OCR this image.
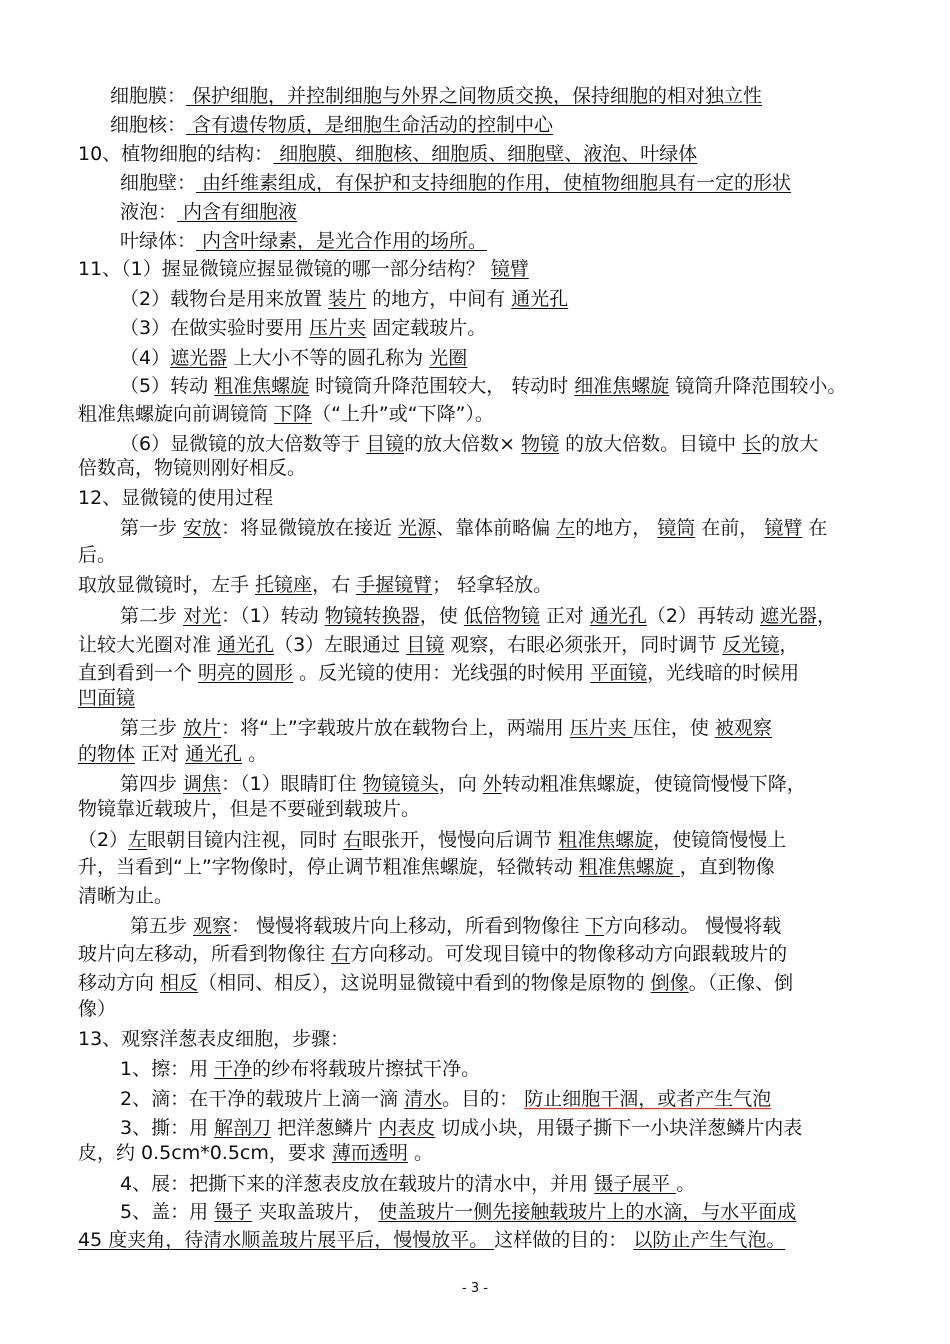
细胞膜： 保护细胞，并控制细胞与外界之间物质交换，保持细胞的相对独立性
细胞核： 含有遗传物质，是细胞生命活动的控制中心
10、植物细胞的结构： 细胞膜、细胞核、细胞质、细胞壁、液泡、叶绿体
细胞壁： 由纤维素组成，有保护和支持细胞的作用，使植物细胞具有一定的形状
液泡： 内含有细胞液
叶绿体： 内含叶绿素，是光合作用的场所。
11、（1）握显微镜应握显微镜的哪一部分结构？ 镜臂
（2）载物台是用来放置 装片 的地方，中间有 通光孔
（3）在做实验时要用 压片夹 固定载玻片。
（4）遮光器 上大小不等的圆孔称为 光圈
（5）转动 粗准焦螺旋 时镜筒升降范围较大， 转动时 细准焦螺旋 镜筒升降范围较小。
粗准焦螺旋向前调镜筒 下降（“上升”或“下降”）。
（6）显微镜的放大倍数等于 目镜的放大倍数× 物镜 的放大倍数。目镜中 长的放大
倍数高，物镜则刚好相反。
12、显微镜的使用过程
第一步 安放：将显微镜放在接近 光源、靠体前略偏 左的地方， 镜筒 在前， 镜臂 在
后。
取放显微镜时，左手 托镜座，右 手握镜臂； 轻拿轻放。
第二步 对光：（1）转动 物镜转换器，使 低倍物镜 正对 通光孔（2）再转动 遮光器，
让较大光圈对准 通光孔（3）左眼通过 目镜 观察，右眼必须张开，同时调节 反光镜，
直到看到一个 明亮的圆形 。反光镜的使用：光线强的时候用 平面镜，光线暗的时候用
凹面镜
第三步 放片：将“上”字载玻片放在载物台上，两端用 压片夹 压住，使 被观察
的物体 正对 通光孔 。
第四步 调焦：（1）眼睛盯住 物镜镜头，向 外转动粗准焦螺旋，使镜筒慢慢下降，
物镜靠近载玻片，但是不要碰到载玻片。
（2）左眼朝目镜内注视，同时 右眼张开，慢慢向后调节 粗准焦螺旋，使镜筒慢慢上
升，当看到“上”字物像时，停止调节粗准焦螺旋，轻微转动 粗准焦螺旋 ，直到物像
清晰为止。
第五步 观察： 慢慢将载玻片向上移动，所看到物像往 下方向移动。 慢慢将载
玻片向左移动，所看到物像往 右方向移动。可发现目镜中的物像移动方向跟载玻片的
移动方向 相反（相同、相反），这说明显微镜中看到的物像是原物的 倒像。（正像、倒
像）
13、观察洋葱表皮细胞，步骤：
1、擦：用 干净的纱布将载玻片擦拭干净。
2、滴：在干净的载玻片上滴一滴 清水。目的： 防止细胞干涸，或者产生气泡
3、撕：用 解剖刀 把洋葱鳞片 内表皮 切成小块，用镊子撕下一小块洋葱鳞片内表
皮，约 0.5cm*0.5cm，要求 薄而透明 。
4、展：把撕下来的洋葱表皮放在载玻片的清水中，并用 镊子展平 。
5、盖：用 镊子 夹取盖玻片， 使盖玻片一侧先接触载玻片上的水滴，与水平面成
45 度夹角，待清水顺盖玻片展平后，慢慢放平。 这样做的目的： 以防止产生气泡。
- 3 -
